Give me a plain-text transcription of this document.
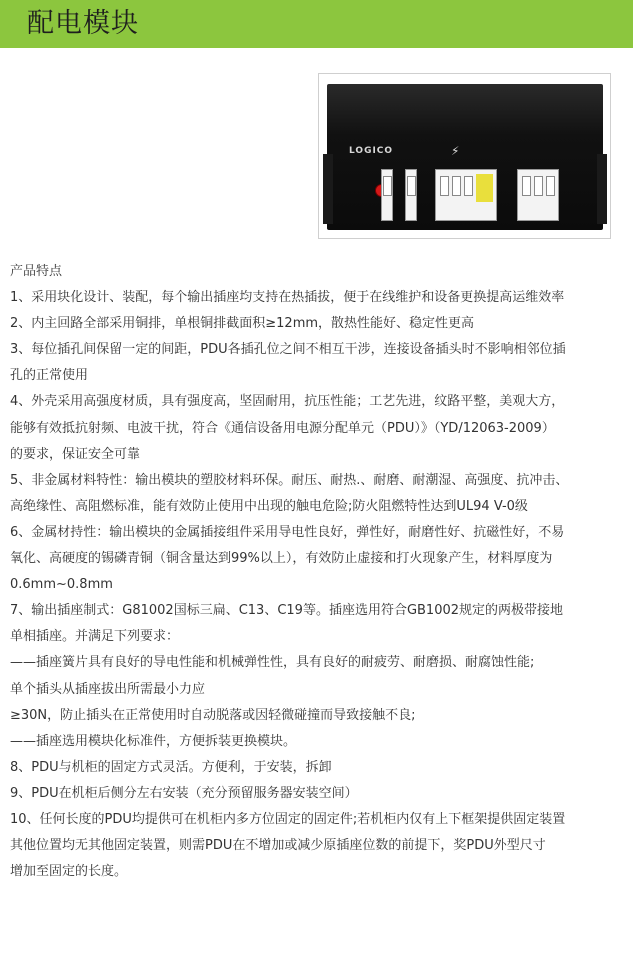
配电模块
LOGICO	⚡
产品特点
1、采用块化设计、装配，每个输出插座均支持在热插拔，便于在线维护和设备更换提高运维效率
2、内主回路全部采用铜排，单根铜排截面积≥12mm，散热性能好、稳定性更高
3、每位插孔间保留一定的间距，PDU各插孔位之间不相互干涉，连接设备插头时不影响相邻位插
孔的正常使用
4、外壳采用高强度材质，具有强度高，坚固耐用，抗压性能；工艺先进，纹路平整，美观大方，
能够有效抵抗射频、电波干扰，符合《通信设备用电源分配单元（PDU）》（YD/12063-2009）
的要求，保证安全可靠
5、非金属材料特性：输出模块的塑胶材料环保。耐压、耐热.、耐磨、耐潮湿、高强度、抗冲击、
高绝缘性、高阻燃标准，能有效防止使用中出现的触电危险;防火阻燃特性达到UL94 V-0级
6、金属材持性：输出模块的金属插接组件采用导电性良好，弹性好，耐磨性好、抗磁性好，不易
氧化、高硬度的锡磷青铜（铜含量达到99%以上），有效防止虚接和打火现象产生，材料厚度为
0.6mm~0.8mm
7、输出插座制式：G81002国标三扁、C13、C19等。插座选用符合GB1002规定的两极带接地
单相插座。并满足下列要求：
——插座簧片具有良好的导电性能和机械弹性性，具有良好的耐疲劳、耐磨损、耐腐蚀性能;
单个插头从插座拔出所需最小力应
≥30N，防止插头在正常使用时自动脱落或因轻微碰撞而导致接触不良;
——插座选用模块化标准件，方便拆装更换模块。
8、PDU与机柜的固定方式灵活。方便利，于安装，拆卸
9、PDU在机柜后侧分左右安装（充分预留服务器安装空间）
10、任何长度的PDU均提供可在机柜内多方位固定的固定件;若机柜内仅有上下框架提供固定装置
其他位置均无其他固定装置，则需PDU在不增加或减少原插座位数的前提下，奖PDU外型尺寸
增加至固定的长度。
